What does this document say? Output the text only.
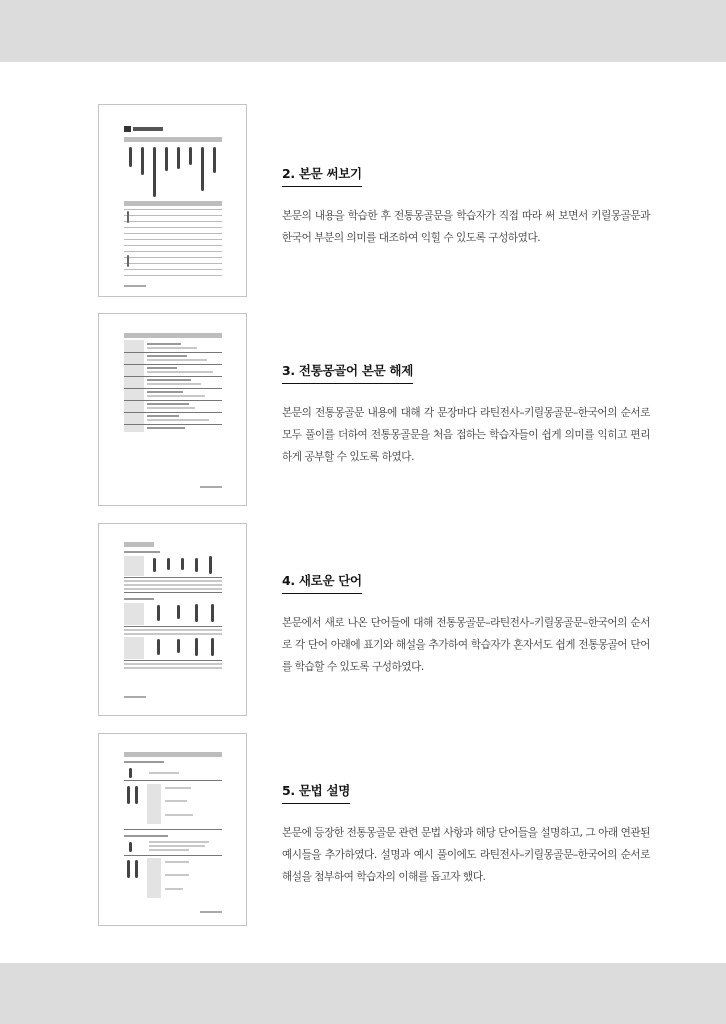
2. 본문 써보기

본문의 내용을 학습한 후 전통몽골문을 학습자가 직접 따라 써 보면서 키릴몽골문과 한국어 부분의 의미를 대조하여 익힐 수 있도록 구성하였다.

3. 전통몽골어 본문 해제

본문의 전통몽골문 내용에 대해 각 문장마다 라틴전사–키릴몽골문–한국어의 순서로 모두 풀이를 더하여 전통몽골문을 처음 접하는 학습자들이 쉽게 의미를 익히고 편리하게 공부할 수 있도록 하였다.

4. 새로운 단어

본문에서 새로 나온 단어들에 대해 전통몽골문–라틴전사–키릴몽골문–한국어의 순서로 각 단어 아래에 표기와 해설을 추가하여 학습자가 혼자서도 쉽게 전통몽골어 단어를 학습할 수 있도록 구성하였다.

5. 문법 설명

본문에 등장한 전통몽골문 관련 문법 사항과 해당 단어들을 설명하고, 그 아래 연관된 예시들을 추가하였다. 설명과 예시 풀이에도 라틴전사–키릴몽골문–한국어의 순서로 해설을 첨부하여 학습자의 이해를 돕고자 했다.
